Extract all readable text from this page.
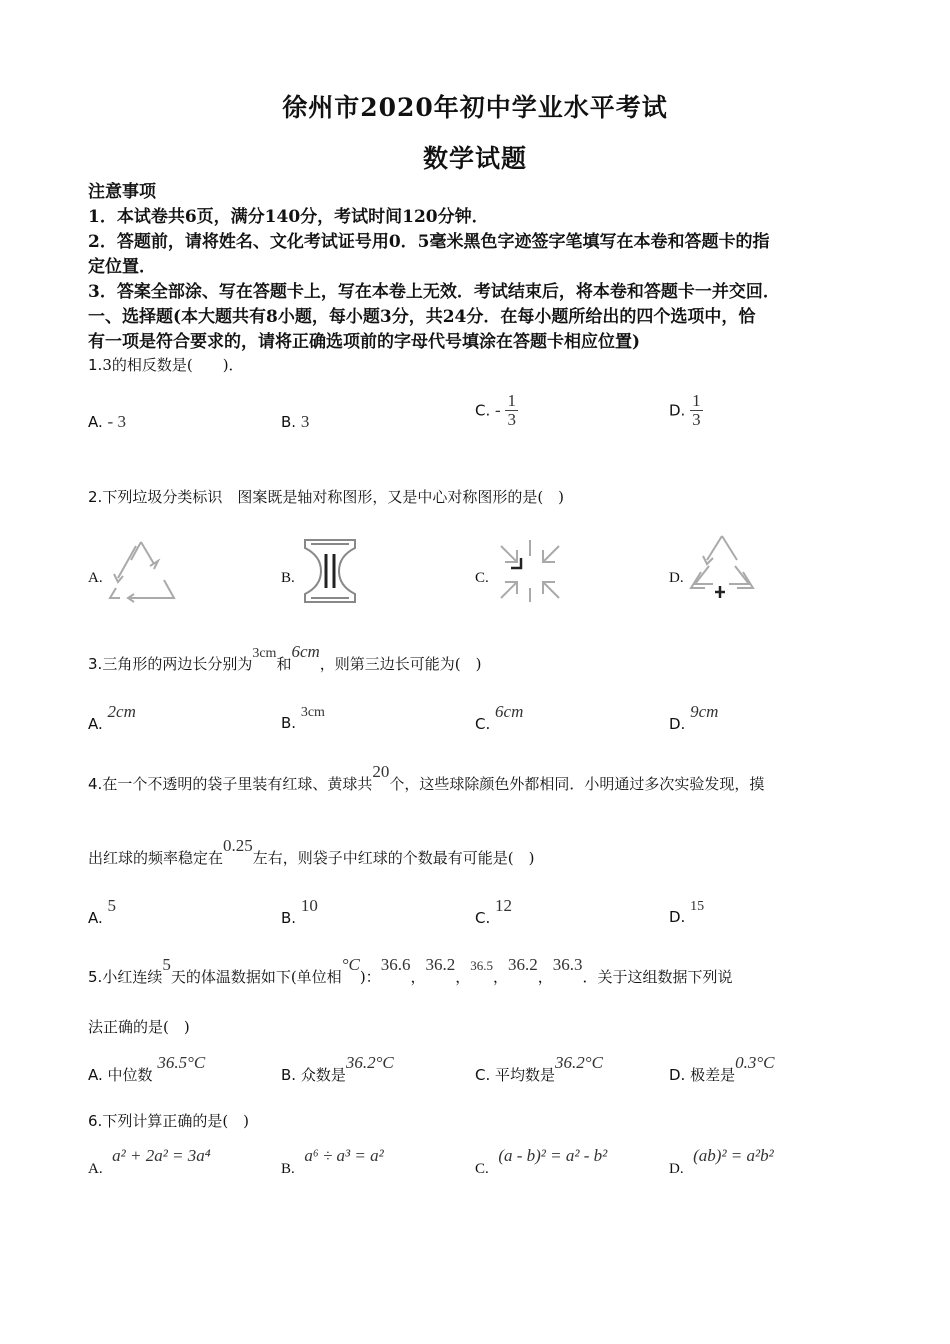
徐州市2020年初中学业水平考试
数学试题
注意事项
1．本试卷共6页，满分140分，考试时间120分钟．
2．答题前，请将姓名、文化考试证号用0．5毫米黑色字迹签字笔填写在本卷和答题卡的指
定位置．
3．答案全部涂、写在答题卡上，写在本卷上无效．考试结束后，将本卷和答题卡一并交回．
一、选择题(本大题共有8小题，每小题3分，共24分．在每小题所给出的四个选项中，恰
有一项是符合要求的，请将正确选项前的字母代号填涂在答题卡相应位置)
1.3的相反数是(　　)．
A. - 3	B. 3
C. - $\frac{1}{3}$	D. $\frac{1}{3}$
2.下列垃圾分类标识　图案既是轴对称图形，又是中心对称图形的是(　)
A.	B.	C.	D.
3.三角形的两边长分别为3cm和6cm，则第三边长可能为(　)
A. 2cm
B. 3cm
C. 6cm
D. 9cm
4.在一个不透明的袋子里装有红球、黄球共20个，这些球除颜色外都相同．小明通过多次实验发现，摸
出红球的频率稳定在0.25左右，则袋子中红球的个数最有可能是(　)
A. 5
B. 10
C. 12
D. 15
5.小红连续5天的体温数据如下(单位相°C)：36.6，36.2，36.5，36.2，36.3．关于这组数据下列说
法正确的是(　)
A. 中位数 36.5°C
B. 众数是36.2°C
C. 平均数是36.2°C
D. 极差是0.3°C
6.下列计算正确的是(　)
A.  a² + 2a² = 3a⁴
B.  a⁶ ÷ a³ = a²
C.  (a - b)² = a² - b²
D.  (ab)² = a²b²
